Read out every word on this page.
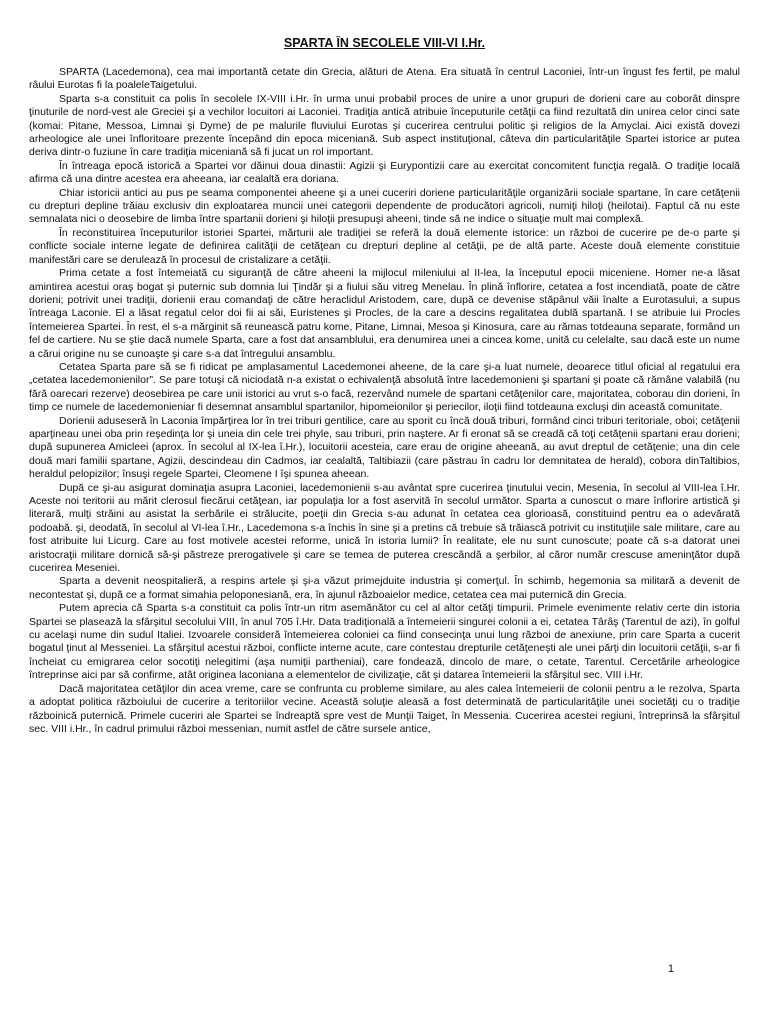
SPARTA ÎN SECOLELE VIII-VI I.Hr.

SPARTA (Lacedemona), cea mai importantă cetate din Grecia, alături de Atena. Era situată în centrul Laconiei, într-un îngust fes fertil, pe malul râului Eurotas fi la poaleleTaigetului.

Sparta s-a constituit ca polis în secolele IX-VIII i.Hr. în urma unui probabil proces de unire a unor grupuri de dorieni care au coborât dinspre ţinuturile de nord-vest ale Greciei şi a vechilor locuitori ai Laconiei. Tradiţia antică atribuie începuturile cetăţii ca fiind rezultată din unirea celor cinci sate (komai: Pitane, Messoa, Limnai şi Dyme) de pe malurile fluviului Eurotas şi cucerirea centrului politic şi religios de la Amyclai. Aici există dovezi arheologice ale unei înfloritoare prezente începând din epoca miceniană. Sub aspect instituţional, câteva din particularităţile Spartei istorice ar putea deriva dintr-o fuziune în care tradiţia miceniană să fi jucat un rol important.

În întreaga epocă istorică a Spartei vor dăinui doua dinastii: Agizii şi Eurypontizii care au exercitat concomitent funcţia regală. O tradiţie locală afirma că una dintre acestea era aheeana, iar cealaltă era doriana.

Chiar istoricii antici au pus pe seama componentei aheene şi a unei cuceriri doriene particularităţile organizării sociale spartane, în care cetăţenii cu drepturi depline trăiau exclusiv din exploatarea muncii unei categorii dependente de producători agricoli, numiţi hiloţi (heilotai). Faptul că nu este semnalata nici o deosebire de limba între spartanii dorieni şi hiloţii presupuşi aheeni, tinde să ne indice o situaţie mult mai complexă.

În reconstituirea începuturilor istoriei Spartei, mărturii ale tradiţiei se referă la două elemente istorice: un război de cucerire pe de-o parte şi conflicte sociale interne legate de definirea calităţii de cetăţean cu drepturi depline al cetăţii, pe de altă parte. Aceste două elemente constituie manifestări care se derulează în procesul de cristalizare a cetăţii.

Prima cetate a fost întemeiată cu siguranţă de către aheeni la mijlocul mileniului al II-lea, la începutul epocii miceniene. Homer ne-a lăsat amintirea acestui oraş bogat şi puternic sub domnia lui Ţindăr şi a fiului său vitreg Menelau. În plină înflorire, cetatea a fost incendiată, poate de către dorieni; potrivit unei tradiţii, dorienii erau comandaţi de către heraclidul Aristodem, care, după ce devenise stăpânul văii înalte a Eurotasului, a supus întreaga Laconie. El a lăsat regatul celor doi fii ai săi, Euristenes şi Procles, de la care a descins regalitatea dublă spartană. I se atribuie lui Procles întemeierea Spartei. În rest, el s-a mărginit să reunească patru kome, Pitane, Limnai, Mesoa şi Kinosura, care au rămas totdeauna separate, formând un fel de cartiere. Nu se ştie dacă numele Sparta, care a fost dat ansamblului, era denumirea unei a cincea kome, unită cu celelalte, sau dacă este un nume a cărui origine nu se cunoaşte şi care s-a dat întregului ansamblu.

Cetatea Sparta pare să se fi ridicat pe amplasamentul Lacedemonei aheene, de la care şi-a luat numele, deoarece titlul oficial al regatului era „cetatea lacedemonienilor”. Se pare totuşi că niciodată n-a existat o echivalenţă absolută între lacedemonieni şi spartani şi poate că rămâne valabilă (nu fără oarecari rezerve) deosebirea pe care unii istorici au vrut s-o facă, rezervând numele de spartani cetăţenilor care, majoritatea, coborau din dorieni, în timp ce numele de lacedemonieniar fi desemnat ansamblul spartanilor, hipomeionilor şi periecilor, iloţii fiind totdeauna excluşi din această comunitate.

Dorienii aduseseră în Laconia împărţirea lor în trei triburi gentilice, care au sporit cu încă două triburi, formând cinci triburi teritoriale, oboi; cetăţenii aparţineau unei oba prin reşedinţa lor şi uneia din cele trei phyle, sau triburi, prin naştere. Ar fi eronat să se creadă că toţi cetăţenii spartani erau dorieni; după supunerea Amicleei (aprox. În secolul al IX-lea î.Hr.), locuitorii acesteia, care erau de origine aheeană, au avut dreptul de cetăţenie; una din cele două mari familii spartane, Agizii, descindeau din Cadmos, iar cealaltă, Taltibiazii (care păstrau în cadru lor demnitatea de herald), cobora dinTaltibios, heraldul pelopizilor; însuşi regele Spartei, Cleomene I îşi spunea aheean.

După ce şi-au asigurat dominaţia asupra Laconiei, lacedemonienii s-au avântat spre cucerirea ţinutului vecin, Mesenia, în secolul al VIII-lea î.Hr. Aceste noi teritorii au mărit clerosul fiecărui cetăţean, iar populaţia lor a fost aservită în secolul următor. Sparta a cunoscut o mare înflorire artistică şi literară, mulţi străini au asistat la serbările ei strălucite, poeţii din Grecia s-au adunat în cetatea cea glorioasă, constituind pentru ea o adevărată podoabă. şi, deodată, în secolul al VI-lea î.Hr., Lacedemona s-a închis în sine şi a pretins că trebuie să trăiască potrivit cu instituţiile sale militare, care au fost atribuite lui Licurg. Care au fost motivele acestei reforme, unică în istoria lumii? În realitate, ele nu sunt cunoscute; poate că s-a datorat unei aristocraţii militare dornică să-şi păstreze prerogativele şi care se temea de puterea crescândă a şerbilor, al căror număr crescuse ameninţător după cucerirea Meseniei.

Sparta a devenit neospitalieră, a respins artele şi şi-a văzut primejduite industria şi comerţul. În schimb, hegemonia sa militară a devenit de necontestat şi, după ce a format simahia peloponesiană, era, în ajunul războaielor medice, cetatea cea mai puternică din Grecia.

Putem aprecia că Sparta s-a constituit ca polis într-un ritm asemănător cu cel al altor cetăţi timpurii. Primele evenimente relativ certe din istoria Spartei se plasează la sfârşitul secolului VIII, în anul 705 î.Hr. Data tradiţională a întemeierii singurei colonii a ei, cetatea Târâş (Tarentul de azi), în golful cu acelaşi nume din sudul Italiei. Izvoarele consideră întemeierea coloniei ca fiind consecinţa unui lung război de anexiune, prin care Sparta a cucerit bogatul ţinut al Messeniei. La sfârşitul acestui război, conflicte interne acute, care contestau drepturile cetăţeneşti ale unei părţi din locuitorii cetăţii, s-ar fi încheiat cu emigrarea celor socotiţi nelegitimi (aşa numiţii partheniai), care fondează, dincolo de mare, o cetate, Tarentul. Cercetările arheologice întreprinse aici par să confirme, atât originea laconiana a elementelor de civilizaţie, cât şi datarea întemeierii la sfârşitul sec. VIII i.Hr.

Dacă majoritatea cetăţilor din acea vreme, care se confrunta cu probleme similare, au ales calea întemeierii de colonii pentru a le rezolva, Sparta a adoptat politica războiului de cucerire a teritoriilor vecine. Această soluţie aleasă a fost determinată de particularităţile unei societăţi cu o tradiţie războinică puternică. Primele cuceriri ale Spartei se îndreaptă spre vest de Munţii Taiget, în Messenia. Cucerirea acestei regiuni, întreprinsă la sfârşitul sec. VIII i.Hr., în cadrul primului război messenian, numit astfel de către sursele antice,

1
